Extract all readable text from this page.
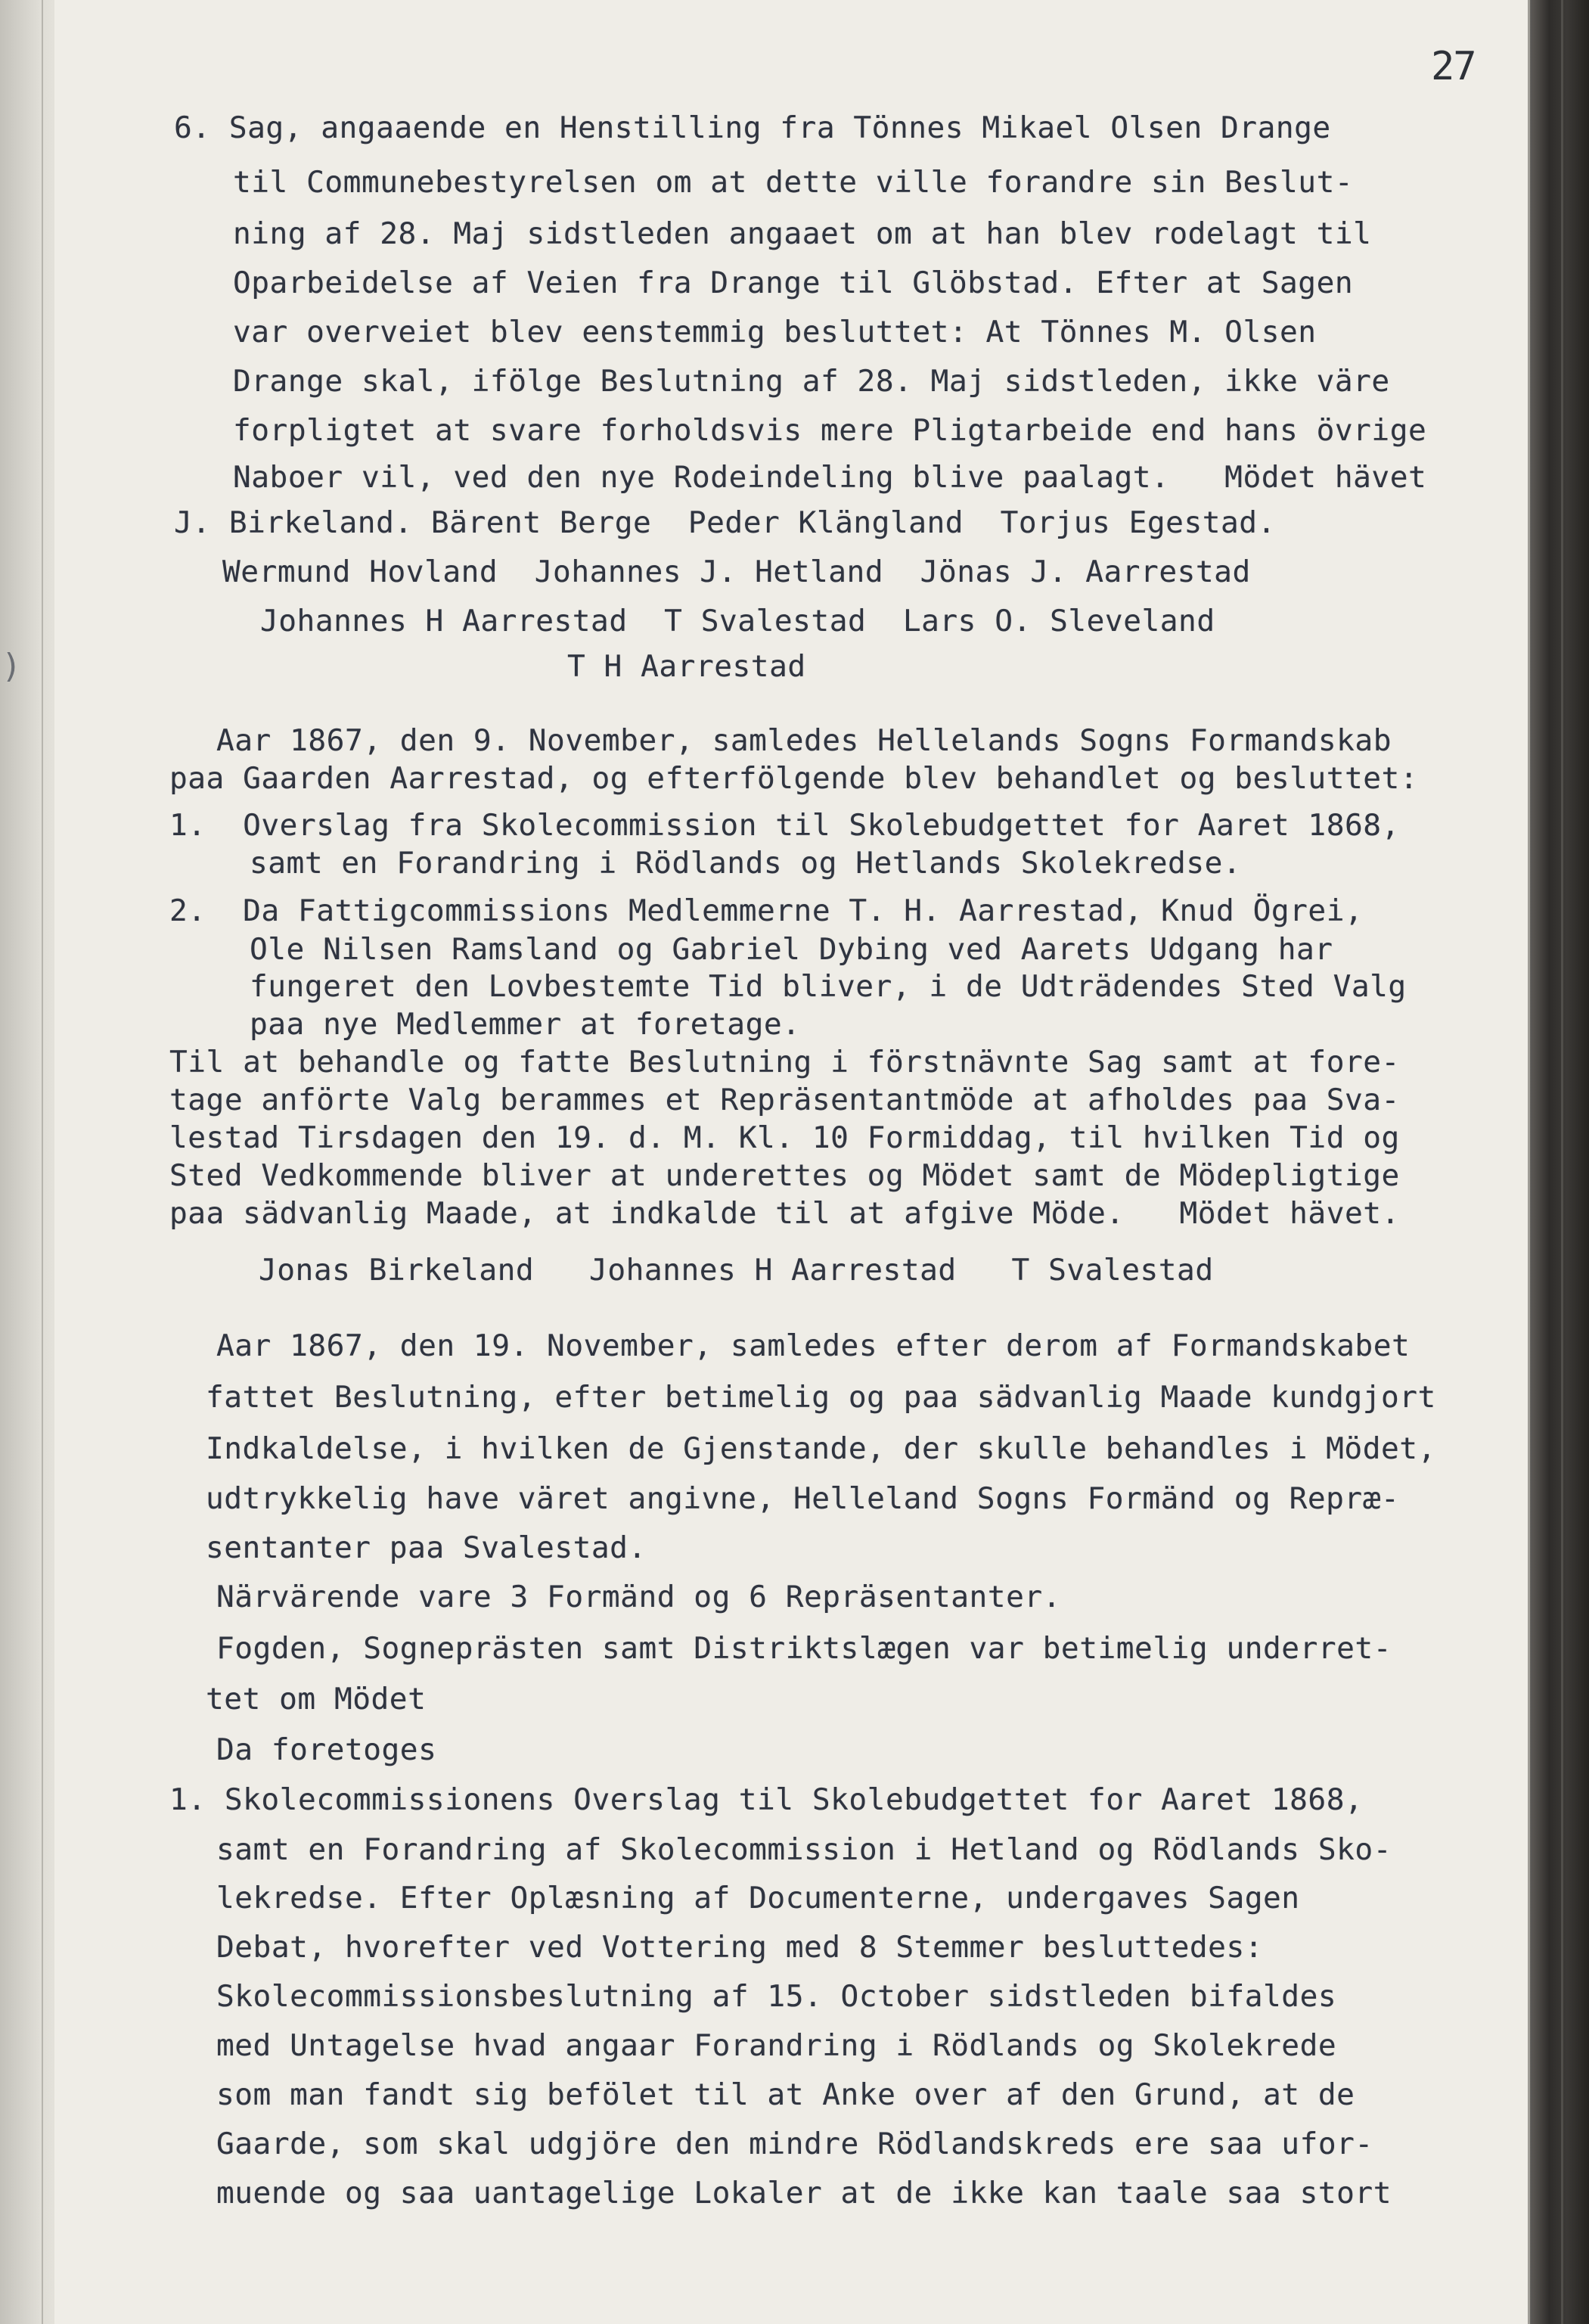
)
27
6. Sag, angaaende en Henstilling fra Tönnes Mikael Olsen Drange
til Communebestyrelsen om at dette ville forandre sin Beslut-
ning af 28. Maj sidstleden angaaet om at han blev rodelagt til
Oparbeidelse af Veien fra Drange til Glöbstad. Efter at Sagen
var overveiet blev eenstemmig besluttet: At Tönnes M. Olsen
Drange skal, ifölge Beslutning af 28. Maj sidstleden, ikke väre
forpligtet at svare forholdsvis mere Pligtarbeide end hans övrige
Naboer vil, ved den nye Rodeindeling blive paalagt.   Mödet hävet
J. Birkeland. Bärent Berge  Peder Klängland  Torjus Egestad.
Wermund Hovland  Johannes J. Hetland  Jönas J. Aarrestad
Johannes H Aarrestad  T Svalestad  Lars O. Sleveland
T H Aarrestad
Aar 1867, den 9. November, samledes Hellelands Sogns Formandskab
paa Gaarden Aarrestad, og efterfölgende blev behandlet og besluttet:
1.  Overslag fra Skolecommission til Skolebudgettet for Aaret 1868,
samt en Forandring i Rödlands og Hetlands Skolekredse.
2.  Da Fattigcommissions Medlemmerne T. H. Aarrestad, Knud Ögrei,
Ole Nilsen Ramsland og Gabriel Dybing ved Aarets Udgang har
fungeret den Lovbestemte Tid bliver, i de Udträdendes Sted Valg
paa nye Medlemmer at foretage.
Til at behandle og fatte Beslutning i förstnävnte Sag samt at fore-
tage anförte Valg berammes et Repräsentantmöde at afholdes paa Sva-
lestad Tirsdagen den 19. d. M. Kl. 10 Formiddag, til hvilken Tid og
Sted Vedkommende bliver at underettes og Mödet samt de Mödepligtige
paa sädvanlig Maade, at indkalde til at afgive Möde.   Mödet hävet.
Jonas Birkeland   Johannes H Aarrestad   T Svalestad
Aar 1867, den 19. November, samledes efter derom af Formandskabet
fattet Beslutning, efter betimelig og paa sädvanlig Maade kundgjort
Indkaldelse, i hvilken de Gjenstande, der skulle behandles i Mödet,
udtrykkelig have väret angivne, Helleland Sogns Formänd og Repræ-
sentanter paa Svalestad.
Närvärende vare 3 Formänd og 6 Repräsentanter.
Fogden, Sogneprästen samt Distriktslægen var betimelig underret-
tet om Mödet
Da foretoges
1. Skolecommissionens Overslag til Skolebudgettet for Aaret 1868,
samt en Forandring af Skolecommission i Hetland og Rödlands Sko-
lekredse. Efter Oplæsning af Documenterne, undergaves Sagen
Debat, hvorefter ved Vottering med 8 Stemmer besluttedes:
Skolecommissionsbeslutning af 15. October sidstleden bifaldes
med Untagelse hvad angaar Forandring i Rödlands og Skolekrede
som man fandt sig befölet til at Anke over af den Grund, at de
Gaarde, som skal udgjöre den mindre Rödlandskreds ere saa ufor-
muende og saa uantagelige Lokaler at de ikke kan taale saa stort
